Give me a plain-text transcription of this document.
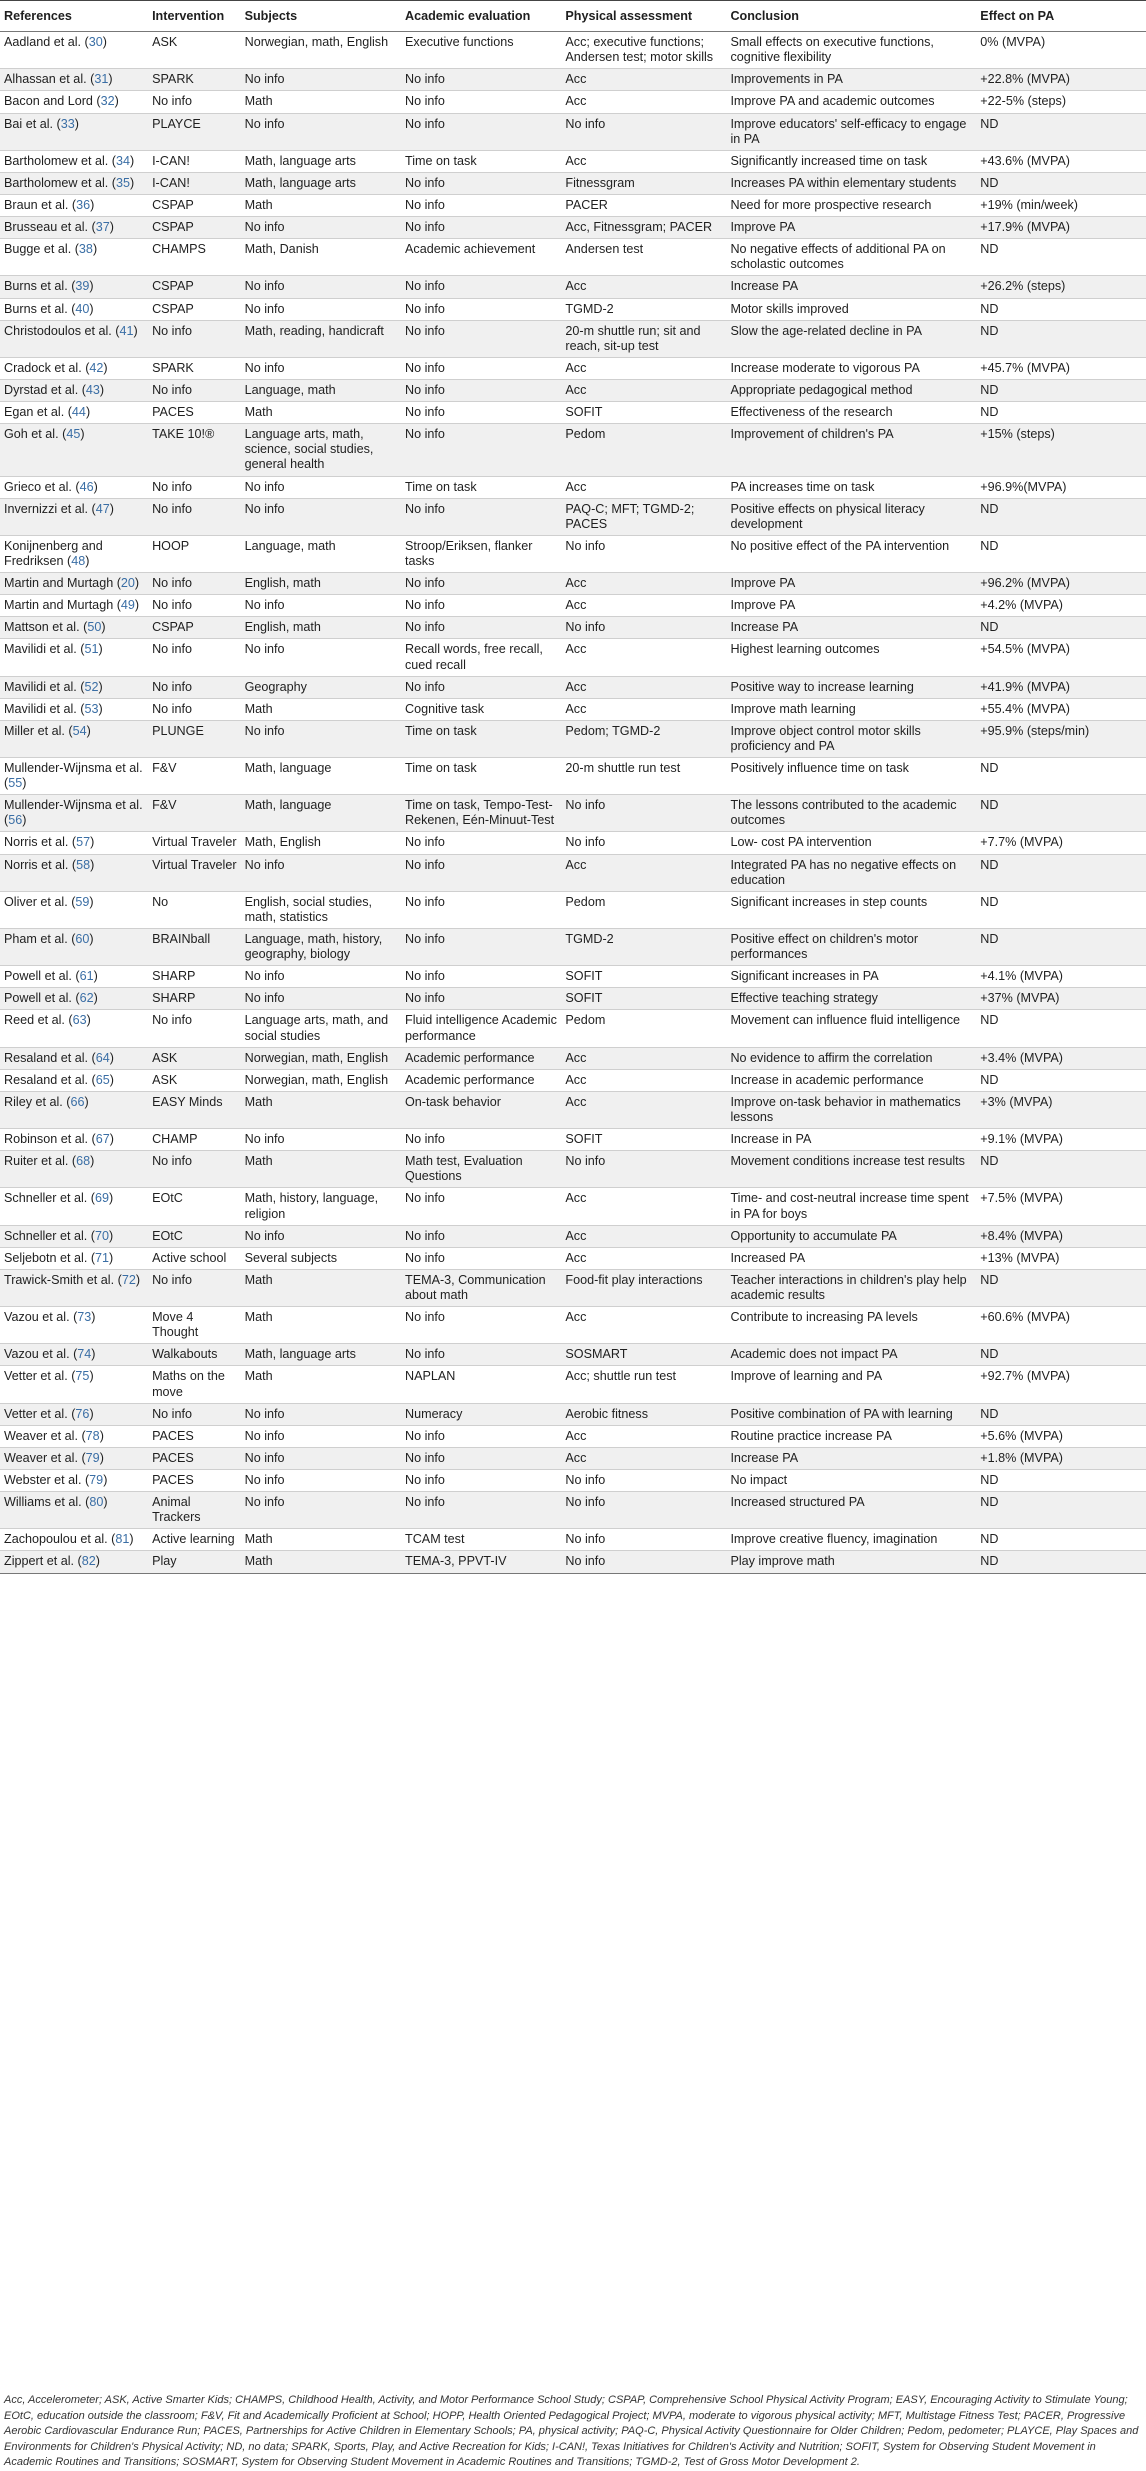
References	Intervention	Subjects	Academic evaluation	Physical assessment	Conclusion	Effect on PA
Aadland et al. (30)	ASK	Norwegian, math, English	Executive functions	Acc; executive functions; Andersen test; motor skills	Small effects on executive functions, cognitive flexibility	0% (MVPA)
Alhassan et al. (31)	SPARK	No info	No info	Acc	Improvements in PA	+22.8% (MVPA)
Bacon and Lord (32)	No info	Math	No info	Acc	Improve PA and academic outcomes	+22-5% (steps)
Bai et al. (33)	PLAYCE	No info	No info	No info	Improve educators' self-efficacy to engage in PA	ND
Bartholomew et al. (34)	I-CAN!	Math, language arts	Time on task	Acc	Significantly increased time on task	+43.6% (MVPA)
Bartholomew et al. (35)	I-CAN!	Math, language arts	No info	Fitnessgram	Increases PA within elementary students	ND
Braun et al. (36)	CSPAP	Math	No info	PACER	Need for more prospective research	+19% (min/week)
Brusseau et al. (37)	CSPAP	No info	No info	Acc, Fitnessgram; PACER	Improve PA	+17.9% (MVPA)
Bugge et al. (38)	CHAMPS	Math, Danish	Academic achievement	Andersen test	No negative effects of additional PA on scholastic outcomes	ND
Burns et al. (39)	CSPAP	No info	No info	Acc	Increase PA	+26.2% (steps)
Burns et al. (40)	CSPAP	No info	No info	TGMD-2	Motor skills improved	ND
Christodoulos et al. (41)	No info	Math, reading, handicraft	No info	20-m shuttle run; sit and reach, sit-up test	Slow the age-related decline in PA	ND
Cradock et al. (42)	SPARK	No info	No info	Acc	Increase moderate to vigorous PA	+45.7% (MVPA)
Dyrstad et al. (43)	No info	Language, math	No info	Acc	Appropriate pedagogical method	ND
Egan et al. (44)	PACES	Math	No info	SOFIT	Effectiveness of the research	ND
Goh et al. (45)	TAKE 10!®	Language arts, math, science, social studies, general health	No info	Pedom	Improvement of children's PA	+15% (steps)
Grieco et al. (46)	No info	No info	Time on task	Acc	PA increases time on task	+96.9%(MVPA)
Invernizzi et al. (47)	No info	No info	No info	PAQ-C; MFT; TGMD-2; PACES	Positive effects on physical literacy development	ND
Konijnenberg and Fredriksen (48)	HOOP	Language, math	Stroop/Eriksen, flanker tasks	No info	No positive effect of the PA intervention	ND
Martin and Murtagh (20)	No info	English, math	No info	Acc	Improve PA	+96.2% (MVPA)
Martin and Murtagh (49)	No info	No info	No info	Acc	Improve PA	+4.2% (MVPA)
Mattson et al. (50)	CSPAP	English, math	No info	No info	Increase PA	ND
Mavilidi et al. (51)	No info	No info	Recall words, free recall, cued recall	Acc	Highest learning outcomes	+54.5% (MVPA)
Mavilidi et al. (52)	No info	Geography	No info	Acc	Positive way to increase learning	+41.9% (MVPA)
Mavilidi et al. (53)	No info	Math	Cognitive task	Acc	Improve math learning	+55.4% (MVPA)
Miller et al. (54)	PLUNGE	No info	Time on task	Pedom; TGMD-2	Improve object control motor skills proficiency and PA	+95.9% (steps/min)
Mullender-Wijnsma et al. (55)	F&V	Math, language	Time on task	20-m shuttle run test	Positively influence time on task	ND
Mullender-Wijnsma et al. (56)	F&V	Math, language	Time on task, Tempo-Test- Rekenen, Eén-Minuut-Test	No info	The lessons contributed to the academic outcomes	ND
Norris et al. (57)	Virtual Traveler	Math, English	No info	No info	Low- cost PA intervention	+7.7% (MVPA)
Norris et al. (58)	Virtual Traveler	No info	No info	Acc	Integrated PA has no negative effects on education	ND
Oliver et al. (59)	No	English, social studies, math, statistics	No info	Pedom	Significant increases in step counts	ND
Pham et al. (60)	BRAINball	Language, math, history, geography, biology	No info	TGMD-2	Positive effect on children's motor performances	ND
Powell et al. (61)	SHARP	No info	No info	SOFIT	Significant increases in PA	+4.1% (MVPA)
Powell et al. (62)	SHARP	No info	No info	SOFIT	Effective teaching strategy	+37% (MVPA)
Reed et al. (63)	No info	Language arts, math, and social studies	Fluid intelligence Academic performance	Pedom	Movement can influence fluid intelligence	ND
Resaland et al. (64)	ASK	Norwegian, math, English	Academic performance	Acc	No evidence to affirm the correlation	+3.4% (MVPA)
Resaland et al. (65)	ASK	Norwegian, math, English	Academic performance	Acc	Increase in academic performance	ND
Riley et al. (66)	EASY Minds	Math	On-task behavior	Acc	Improve on-task behavior in mathematics lessons	+3% (MVPA)
Robinson et al. (67)	CHAMP	No info	No info	SOFIT	Increase in PA	+9.1% (MVPA)
Ruiter et al. (68)	No info	Math	Math test, Evaluation Questions	No info	Movement conditions increase test results	ND
Schneller et al. (69)	EOtC	Math, history, language, religion	No info	Acc	Time- and cost-neutral increase time spent in PA for boys	+7.5% (MVPA)
Schneller et al. (70)	EOtC	No info	No info	Acc	Opportunity to accumulate PA	+8.4% (MVPA)
Seljebotn et al. (71)	Active school	Several subjects	No info	Acc	Increased PA	+13% (MVPA)
Trawick-Smith et al. (72)	No info	Math	TEMA-3, Communication about math	Food-fit play interactions	Teacher interactions in children's play help academic results	ND
Vazou et al. (73)	Move 4 Thought	Math	No info	Acc	Contribute to increasing PA levels	+60.6% (MVPA)
Vazou et al. (74)	Walkabouts	Math, language arts	No info	SOSMART	Academic does not impact PA	ND
Vetter et al. (75)	Maths on the move	Math	NAPLAN	Acc; shuttle run test	Improve of learning and PA	+92.7% (MVPA)
Vetter et al. (76)	No info	No info	Numeracy	Aerobic fitness	Positive combination of PA with learning	ND
Weaver et al. (78)	PACES	No info	No info	Acc	Routine practice increase PA	+5.6% (MVPA)
Weaver et al. (79)	PACES	No info	No info	Acc	Increase PA	+1.8% (MVPA)
Webster et al. (79)	PACES	No info	No info	No info	No impact	ND
Williams et al. (80)	Animal Trackers	No info	No info	No info	Increased structured PA	ND
Zachopoulou et al. (81)	Active learning	Math	TCAM test	No info	Improve creative fluency, imagination	ND
Zippert et al. (82)	Play	Math	TEMA-3, PPVT-IV	No info	Play improve math	ND
Acc, Accelerometer; ASK, Active Smarter Kids; CHAMPS, Childhood Health, Activity, and Motor Performance School Study; CSPAP, Comprehensive School Physical Activity Program; EASY, Encouraging Activity to Stimulate Young; EOtC, education outside the classroom; F&V, Fit and Academically Proficient at School; HOPP, Health Oriented Pedagogical Project; MVPA, moderate to vigorous physical activity; MFT, Multistage Fitness Test; PACER, Progressive Aerobic Cardiovascular Endurance Run; PACES, Partnerships for Active Children in Elementary Schools; PA, physical activity; PAQ-C, Physical Activity Questionnaire for Older Children; Pedom, pedometer; PLAYCE, Play Spaces and Environments for Children's Physical Activity; ND, no data; SPARK, Sports, Play, and Active Recreation for Kids; I-CAN!, Texas Initiatives for Children's Activity and Nutrition; SOFIT, System for Observing Student Movement in Academic Routines and Transitions; SOSMART, System for Observing Student Movement in Academic Routines and Transitions; TGMD-2, Test of Gross Motor Development 2.
